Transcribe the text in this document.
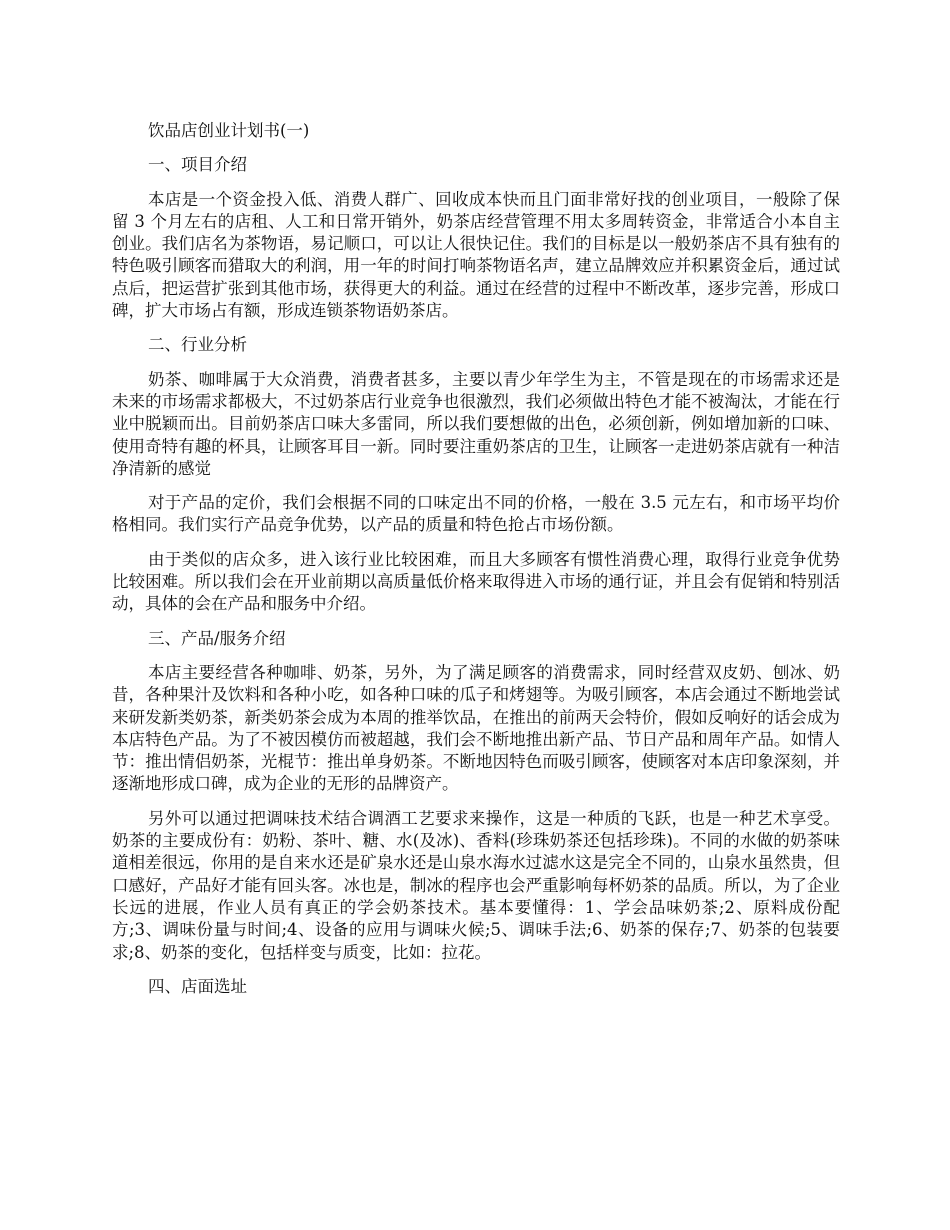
饮品店创业计划书(一)

一、项目介绍

本店是一个资金投入低、消费人群广、回收成本快而且门面非常好找的创业项目，一般除了保留 3 个月左右的店租、人工和日常开销外，奶茶店经营管理不用太多周转资金，非常适合小本自主创业。我们店名为茶物语，易记顺口，可以让人很快记住。我们的目标是以一般奶茶店不具有独有的特色吸引顾客而猎取大的利润，用一年的时间打响茶物语名声，建立品牌效应并积累资金后，通过试点后，把运营扩张到其他市场，获得更大的利益。通过在经营的过程中不断改革，逐步完善，形成口碑，扩大市场占有额，形成连锁茶物语奶茶店。

二、行业分析

奶茶、咖啡属于大众消费，消费者甚多，主要以青少年学生为主，不管是现在的市场需求还是未来的市场需求都极大，不过奶茶店行业竞争也很激烈，我们必须做出特色才能不被淘汰，才能在行业中脱颖而出。目前奶茶店口味大多雷同，所以我们要想做的出色，必须创新，例如增加新的口味、使用奇特有趣的杯具，让顾客耳目一新。同时要注重奶茶店的卫生，让顾客一走进奶茶店就有一种洁净清新的感觉

对于产品的定价，我们会根据不同的口味定出不同的价格，一般在 3.5 元左右，和市场平均价格相同。我们实行产品竞争优势，以产品的质量和特色抢占市场份额。

由于类似的店众多，进入该行业比较困难，而且大多顾客有惯性消费心理，取得行业竞争优势比较困难。所以我们会在开业前期以高质量低价格来取得进入市场的通行证，并且会有促销和特别活动，具体的会在产品和服务中介绍。

三、产品/服务介绍

本店主要经营各种咖啡、奶茶，另外，为了满足顾客的消费需求，同时经营双皮奶、刨冰、奶昔，各种果汁及饮料和各种小吃，如各种口味的瓜子和烤翅等。为吸引顾客，本店会通过不断地尝试来研发新类奶茶，新类奶茶会成为本周的推举饮品，在推出的前两天会特价，假如反响好的话会成为本店特色产品。为了不被因模仿而被超越，我们会不断地推出新产品、节日产品和周年产品。如情人节：推出情侣奶茶，光棍节：推出单身奶茶。不断地因特色而吸引顾客，使顾客对本店印象深刻，并逐渐地形成口碑，成为企业的无形的品牌资产。

另外可以通过把调味技术结合调酒工艺要求来操作，这是一种质的飞跃，也是一种艺术享受。奶茶的主要成份有：奶粉、茶叶、糖、水(及冰)、香料(珍珠奶茶还包括珍珠)。不同的水做的奶茶味道相差很远，你用的是自来水还是矿泉水还是山泉水海水过滤水这是完全不同的，山泉水虽然贵，但口感好，产品好才能有回头客。冰也是，制冰的程序也会严重影响每杯奶茶的品质。所以，为了企业长远的进展，作业人员有真正的学会奶茶技术。基本要懂得：1、学会品味奶茶;2、原料成份配方;3、调味份量与时间;4、设备的应用与调味火候;5、调味手法;6、奶茶的保存;7、奶茶的包装要求;8、奶茶的变化，包括样变与质变，比如：拉花。

四、店面选址
